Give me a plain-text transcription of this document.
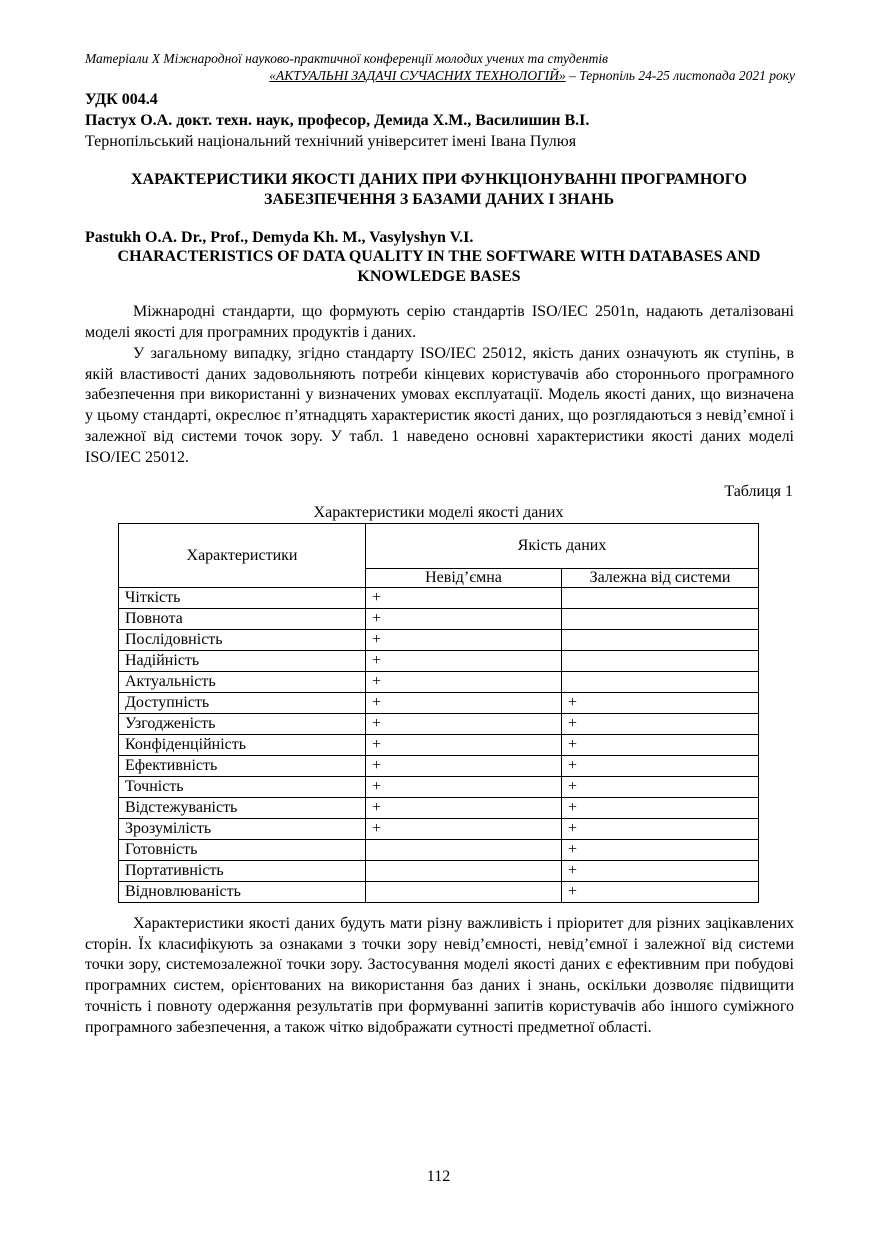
Матеріали Х Міжнародної науково-практичної конференції молодих учених та студентів
«АКТУАЛЬНІ ЗАДАЧІ СУЧАСНИХ ТЕХНОЛОГІЙ» – Тернопіль 24-25 листопада 2021 року
УДК 004.4
Пастух О.А. докт. техн. наук, професор, Демида Х.М., Василишин В.І.
Тернопільський національний технічний університет імені Івана Пулюя
ХАРАКТЕРИСТИКИ ЯКОСТІ ДАНИХ ПРИ ФУНКЦІОНУВАННІ ПРОГРАМНОГО ЗАБЕЗПЕЧЕННЯ З БАЗАМИ ДАНИХ І ЗНАНЬ
Pastukh O.A. Dr., Prof., Demyda Kh. M., Vasylyshyn V.I.
CHARACTERISTICS OF DATA QUALITY IN THE SOFTWARE WITH DATABASES AND KNOWLEDGE BASES

Міжнародні стандарти, що формують серію стандартів ISO/IEC 2501n, надають деталізовані моделі якості для програмних продуктів і даних.

У загальному випадку, згідно стандарту ISO/IEC 25012, якість даних означують як ступінь, в якій властивості даних задовольняють потреби кінцевих користувачів або стороннього програмного забезпечення при використанні у визначених умовах експлуатації. Модель якості даних, що визначена у цьому стандарті, окреслює п’ятнадцять характеристик якості даних, що розглядаються з невід’ємної і залежної від системи точок зору. У табл. 1 наведено основні характеристики якості даних моделі ISO/IEC 25012.

Таблиця 1
Характеристики моделі якості даних
Характеристики	Якість даних	
	Невід’ємна	Залежна від системи
Чіткість	+	
Повнота	+	
Послідовність	+	
Надійність	+	
Актуальність	+	
Доступність	+	+
Узгодженість	+	+
Конфіденційність	+	+
Ефективність	+	+
Точність	+	+
Відстежуваність	+	+
Зрозумілість	+	+
Готовність		+
Портативність		+
Відновлюваність		+

Характеристики якості даних будуть мати різну важливість і пріоритет для різних зацікавлених сторін. Їх класифікують за ознаками з точки зору невід’ємності, невід’ємної і залежної від системи точки зору, системозалежної точки зору. Застосування моделі якості даних є ефективним при побудові програмних систем, орієнтованих на використання баз даних і знань, оскільки дозволяє підвищити точність і повноту одержання результатів при формуванні запитів користувачів або іншого суміжного програмного забезпечення, а також чітко відображати сутності предметної області.

112
